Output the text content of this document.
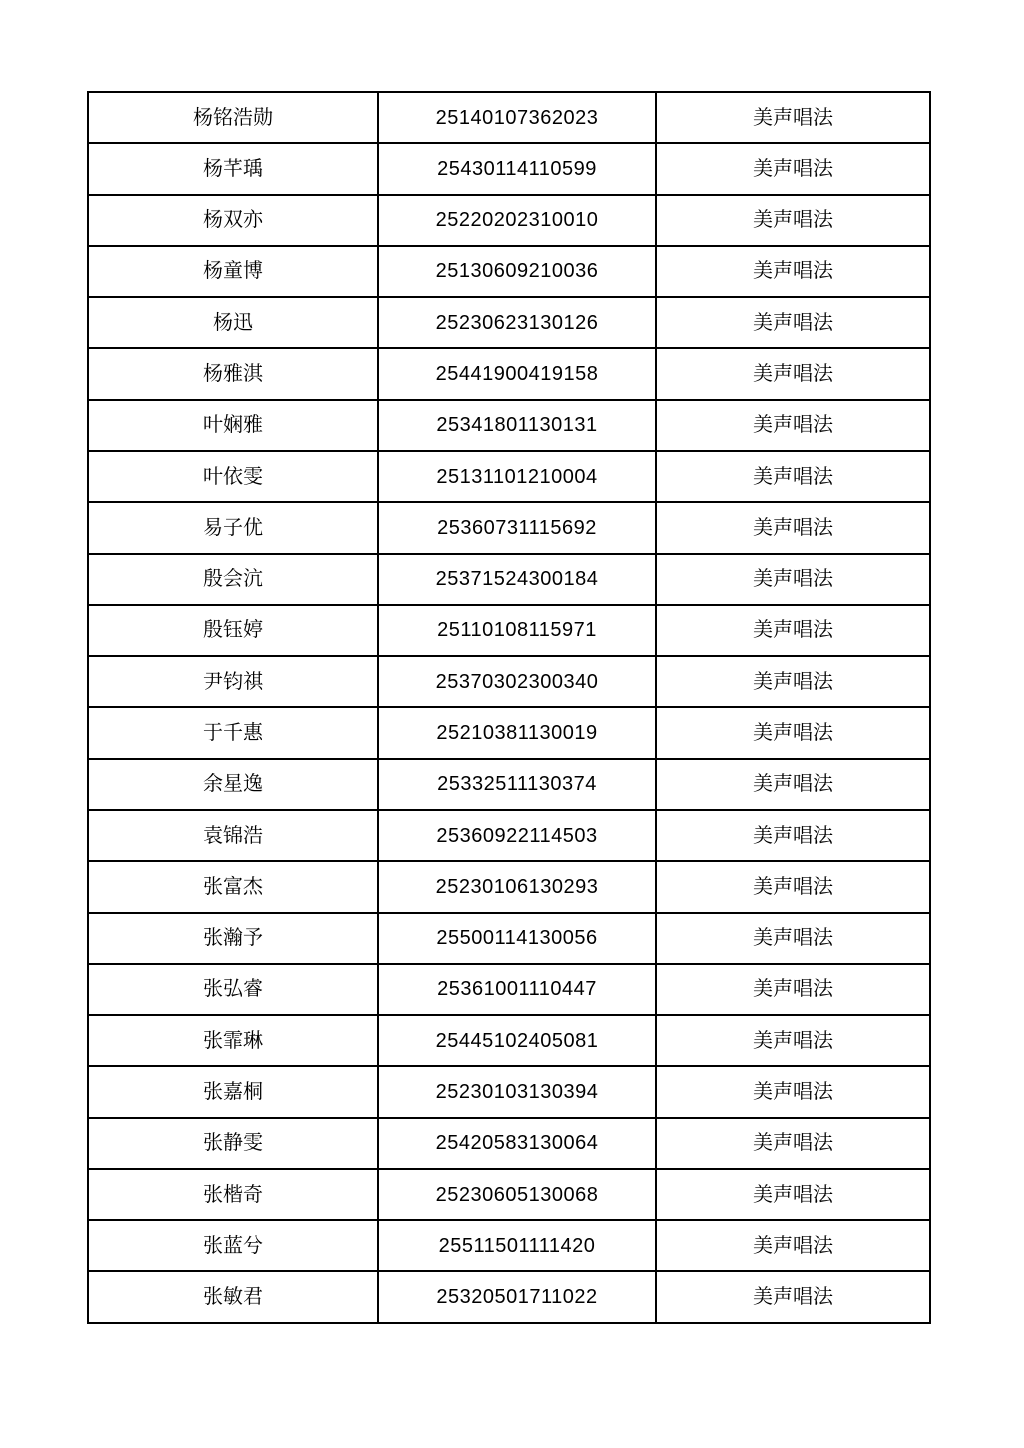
杨铭浩勋	25140107362023	美声唱法
杨芊瑀	25430114110599	美声唱法
杨双亦	25220202310010	美声唱法
杨童博	25130609210036	美声唱法
杨迅	25230623130126	美声唱法
杨雅淇	25441900419158	美声唱法
叶娴雅	25341801130131	美声唱法
叶依雯	25131101210004	美声唱法
易子优	25360731115692	美声唱法
殷会沆	25371524300184	美声唱法
殷钰婷	25110108115971	美声唱法
尹钧祺	25370302300340	美声唱法
于千惠	25210381130019	美声唱法
余星逸	25332511130374	美声唱法
袁锦浩	25360922114503	美声唱法
张富杰	25230106130293	美声唱法
张瀚予	25500114130056	美声唱法
张弘睿	25361001110447	美声唱法
张霏琳	25445102405081	美声唱法
张嘉桐	25230103130394	美声唱法
张静雯	25420583130064	美声唱法
张楷奇	25230605130068	美声唱法
张蓝兮	25511501111420	美声唱法
张敏君	25320501711022	美声唱法
